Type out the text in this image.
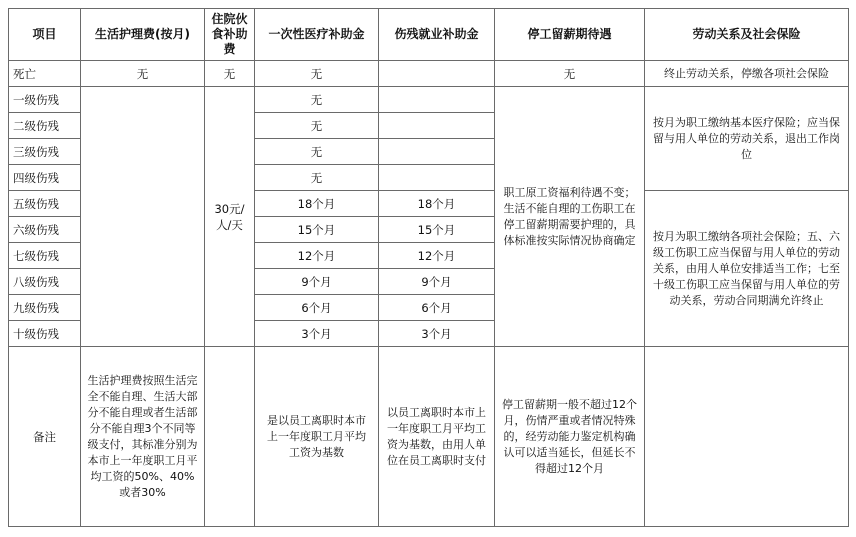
项目	生活护理费(按月)	住院伙食补助费	一次性医疗补助金	伤残就业补助金	停工留薪期待遇	劳动关系及社会保险
死亡	无	无	无		无	终止劳动关系，停缴各项社会保险
一级伤残		30元/人/天	无		职工原工资福利待遇不变；生活不能自理的工伤职工在停工留薪期需要护理的，具体标准按实际情况协商确定	按月为职工缴纳基本医疗保险；应当保留与用人单位的劳动关系，退出工作岗位
二级伤残			无			
三级伤残			无			
四级伤残			无			
五级伤残			18个月	18个月		按月为职工缴纳各项社会保险；五、六级工伤职工应当保留与用人单位的劳动关系，由用人单位安排适当工作；七至十级工伤职工应当保留与用人单位的劳动关系，劳动合同期满允许终止
六级伤残			15个月	15个月		
七级伤残			12个月	12个月		
八级伤残			9个月	9个月		
九级伤残			6个月	6个月		
十级伤残			3个月	3个月		
备注	生活护理费按照生活完全不能自理、生活大部分不能自理或者生活部分不能自理3个不同等级支付，其标准分别为本市上一年度职工月平均工资的50%、40%或者30%		是以员工离职时本市上一年度职工月平均工资为基数	以员工离职时本市上一年度职工月平均工资为基数，由用人单位在员工离职时支付	停工留薪期一般不超过12个月，伤情严重或者情况特殊的，经劳动能力鉴定机构确认可以适当延长，但延长不得超过12个月	
